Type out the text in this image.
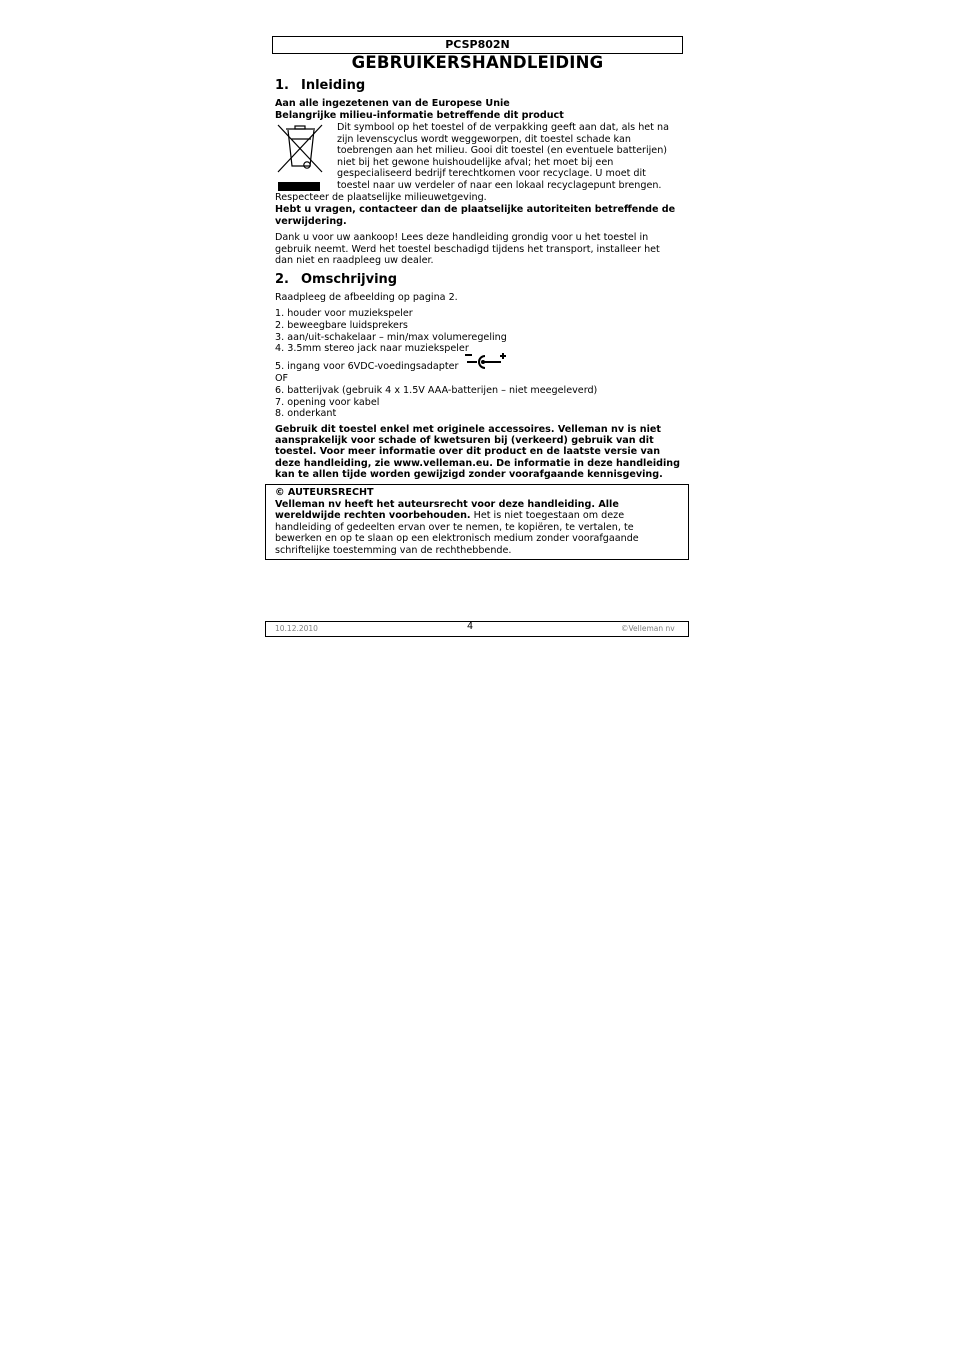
PCSP802N
GEBRUIKERSHANDLEIDING
1. Inleiding
Aan alle ingezetenen van de Europese Unie
Belangrijke milieu-informatie betreffende dit product
Dit symbool op het toestel of de verpakking geeft aan dat, als het na
zijn levenscyclus wordt weggeworpen, dit toestel schade kan
toebrengen aan het milieu. Gooi dit toestel (en eventuele batterijen)
niet bij het gewone huishoudelijke afval; het moet bij een
gespecialiseerd bedrijf terechtkomen voor recyclage. U moet dit
toestel naar uw verdeler of naar een lokaal recyclagepunt brengen.
Respecteer de plaatselijke milieuwetgeving.
Hebt u vragen, contacteer dan de plaatselijke autoriteiten betreffende de
verwijdering.
Dank u voor uw aankoop! Lees deze handleiding grondig voor u het toestel in
gebruik neemt. Werd het toestel beschadigd tijdens het transport, installeer het
dan niet en raadpleeg uw dealer.
2. Omschrijving
Raadpleeg de afbeelding op pagina 2.
1. houder voor muziekspeler
2. beweegbare luidsprekers
3. aan/uit-schakelaar – min/max volumeregeling
4. 3.5mm stereo jack naar muziekspeler
5. ingang voor 6VDC-voedingsadapter
OF
6. batterijvak (gebruik 4 x 1.5V AAA-batterijen – niet meegeleverd)
7. opening voor kabel
8. onderkant
Gebruik dit toestel enkel met originele accessoires. Velleman nv is niet
aansprakelijk voor schade of kwetsuren bij (verkeerd) gebruik van dit
toestel. Voor meer informatie over dit product en de laatste versie van
deze handleiding, zie www.velleman.eu. De informatie in deze handleiding
kan te allen tijde worden gewijzigd zonder voorafgaande kennisgeving.
© AUTEURSRECHT
Velleman nv heeft het auteursrecht voor deze handleiding. Alle
wereldwijde rechten voorbehouden. Het is niet toegestaan om deze
handleiding of gedeelten ervan over te nemen, te kopiëren, te vertalen, te
bewerken en op te slaan op een elektronisch medium zonder voorafgaande
schriftelijke toestemming van de rechthebbende.
10.12.2010	4	©Velleman nv
